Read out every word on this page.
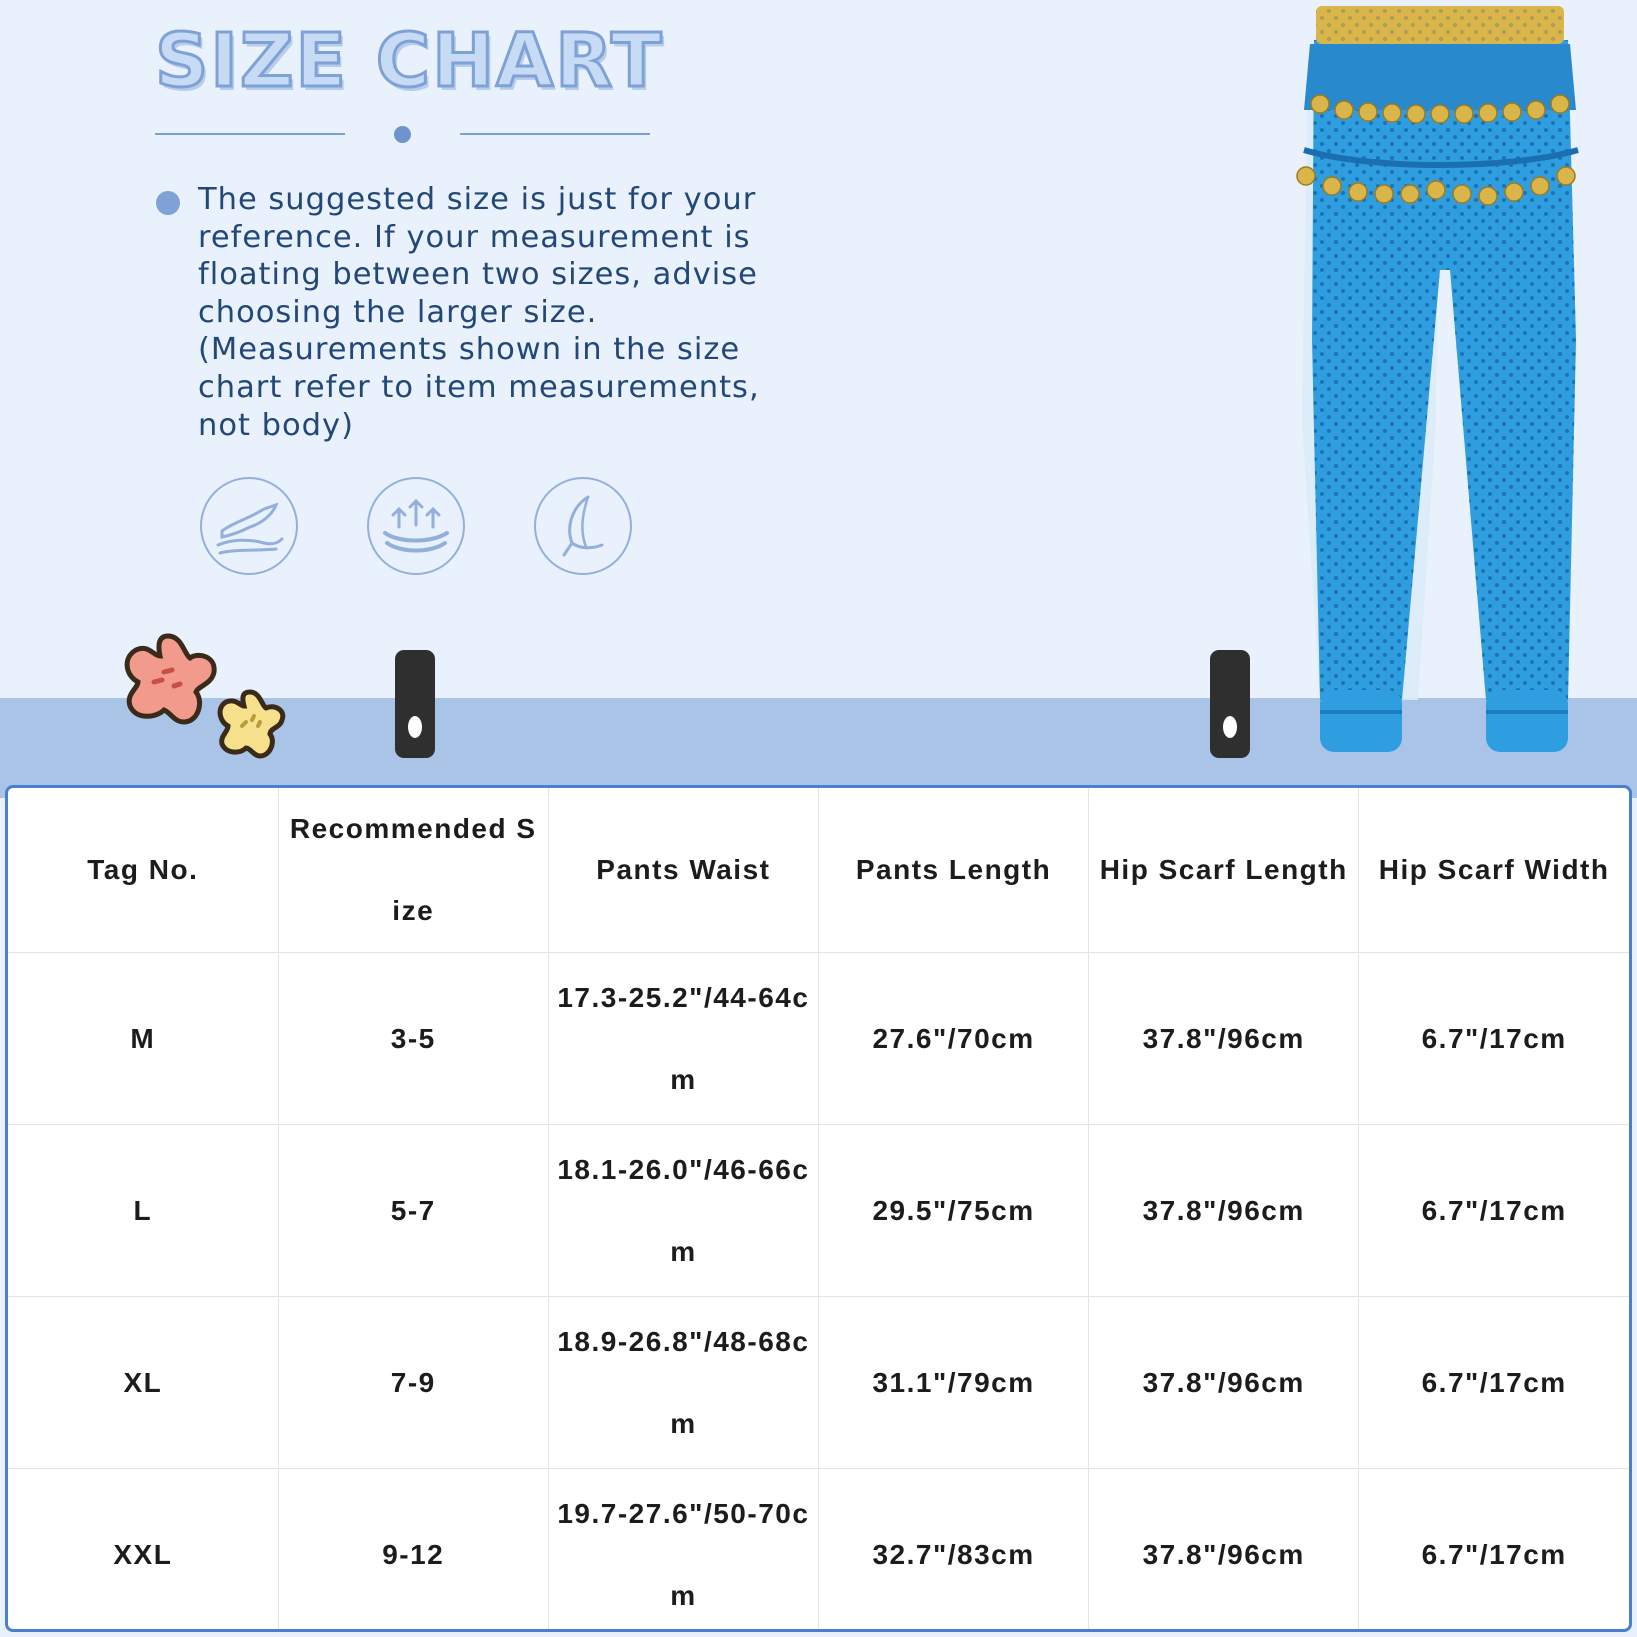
SIZE CHART
The suggested size is just for your
reference. If your measurement is
floating between two sizes, advise
choosing the larger size.
(Measurements shown in the size
chart refer to item measurements,
not body)
Tag No.	Recommended Size	Pants Waist	Pants Length	Hip Scarf Length	Hip Scarf Width
M	3-5	17.3-25.2"/44-64cm	27.6"/70cm	37.8"/96cm	6.7"/17cm
L	5-7	18.1-26.0"/46-66cm	29.5"/75cm	37.8"/96cm	6.7"/17cm
XL	7-9	18.9-26.8"/48-68cm	31.1"/79cm	37.8"/96cm	6.7"/17cm
XXL	9-12	19.7-27.6"/50-70cm	32.7"/83cm	37.8"/96cm	6.7"/17cm
